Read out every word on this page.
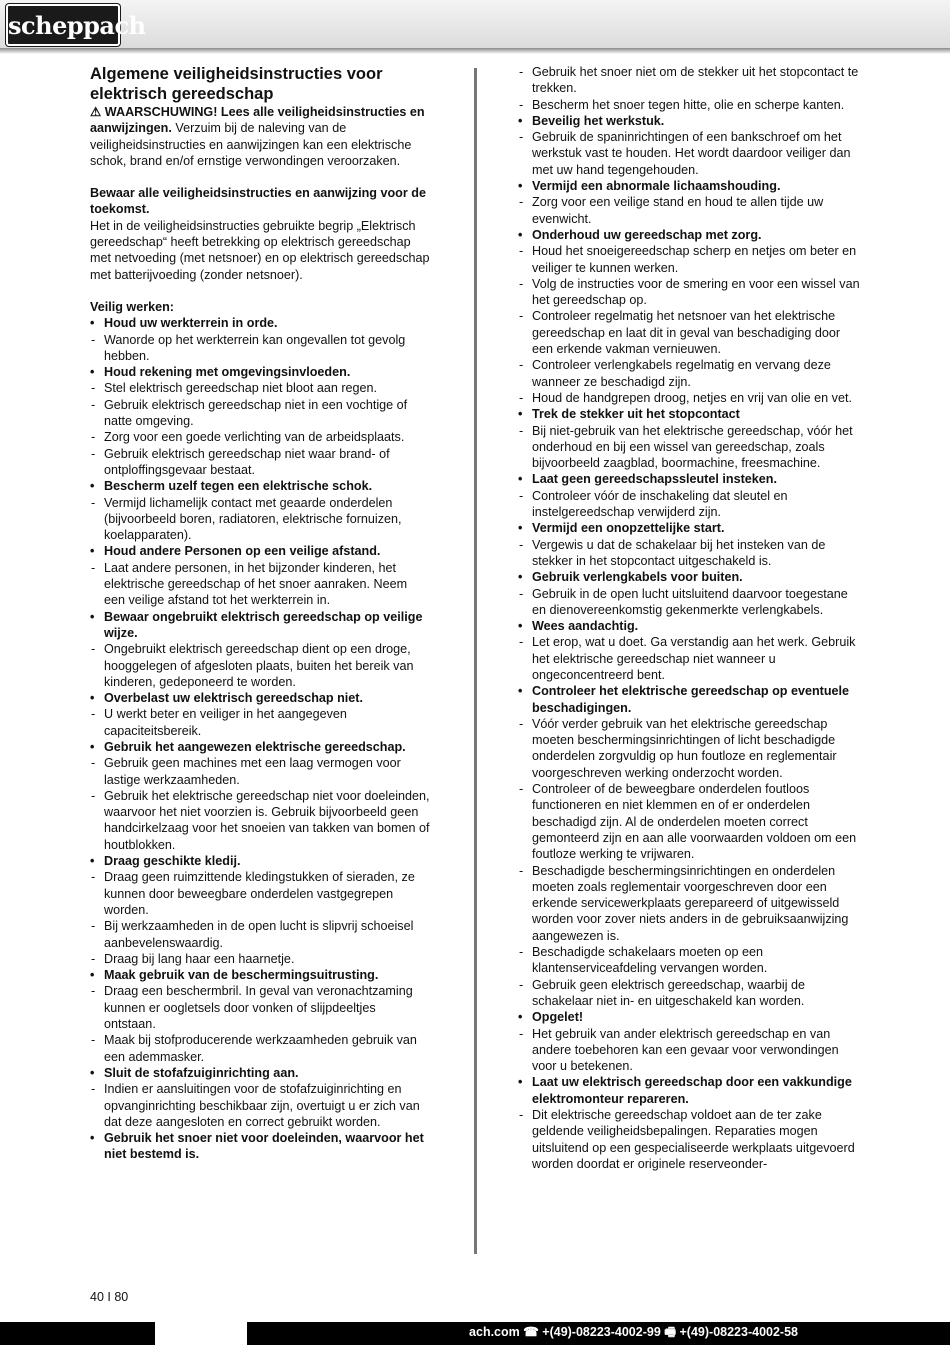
scheppach
Algemene veiligheidsinstructies voor elektrisch gereedschap

⚠ WAARSCHUWING! Lees alle veiligheidsinstructies en aanwijzingen. Verzuim bij de naleving van de veiligheidsinstructies en aanwijzingen kan een elektrische schok, brand en/of ernstige verwondingen veroorzaken.

Bewaar alle veiligheidsinstructies en aanwijzing voor de toekomst.

Het in de veiligheidsinstructies gebruikte begrip „Elektrisch gereedschap“ heeft betrekking op elektrisch gereedschap met netvoeding (met netsnoer) en op elektrisch gereedschap met batterijvoeding (zonder netsnoer).

Veilig werken:

• Houd uw werkterrein in orde.

- Wanorde op het werkterrein kan ongevallen tot gevolg hebben.

• Houd rekening met omgevingsinvloeden.

- Stel elektrisch gereedschap niet bloot aan regen.

- Gebruik elektrisch gereedschap niet in een vochtige of natte omgeving.

- Zorg voor een goede verlichting van de arbeidsplaats.

- Gebruik elektrisch gereedschap niet waar brand- of ontploffingsgevaar bestaat.

• Bescherm uzelf tegen een elektrische schok.

- Vermijd lichamelijk contact met geaarde onderdelen (bijvoorbeeld boren, radiatoren, elektrische fornuizen, koelapparaten).

• Houd andere Personen op een veilige afstand.

- Laat andere personen, in het bijzonder kinderen, het elektrische gereedschap of het snoer aanraken. Neem een veilige afstand tot het werkterrein in.

• Bewaar ongebruikt elektrisch gereedschap op veilige wijze.

- Ongebruikt elektrisch gereedschap dient op een droge, hooggelegen of afgesloten plaats, buiten het bereik van kinderen, gedeponeerd te worden.

• Overbelast uw elektrisch gereedschap niet.

- U werkt beter en veiliger in het aangegeven capaciteitsbereik.

• Gebruik het aangewezen elektrische gereedschap.

- Gebruik geen machines met een laag vermogen voor lastige werkzaamheden.

- Gebruik het elektrische gereedschap niet voor doeleinden, waarvoor het niet voorzien is. Gebruik bijvoorbeeld geen handcirkelzaag voor het snoeien van takken van bomen of houtblokken.

• Draag geschikte kledij.

- Draag geen ruimzittende kledingstukken of sieraden, ze kunnen door beweegbare onderdelen vastgegrepen worden.

- Bij werkzaamheden in de open lucht is slipvrij schoeisel aanbevelenswaardig.

- Draag bij lang haar een haarnetje.

• Maak gebruik van de beschermingsuitrusting.

- Draag een beschermbril. In geval van veronachtzaming kunnen er oogletsels door vonken of slijpdeeltjes ontstaan.

- Maak bij stofproducerende werkzaamheden gebruik van een ademmasker.

• Sluit de stofafzuiginrichting aan.

- Indien er aansluitingen voor de stofafzuiginrichting en opvanginrichting beschikbaar zijn, overtuigt u er zich van dat deze aangesloten en correct gebruikt worden.

• Gebruik het snoer niet voor doeleinden, waarvoor het niet bestemd is.

- Gebruik het snoer niet om de stekker uit het stopcontact te trekken.

- Bescherm het snoer tegen hitte, olie en scherpe kanten.

• Beveilig het werkstuk.

- Gebruik de spaninrichtingen of een bankschroef om het werkstuk vast te houden. Het wordt daardoor veiliger dan met uw hand tegengehouden.

• Vermijd een abnormale lichaamshouding.

- Zorg voor een veilige stand en houd te allen tijde uw evenwicht.

• Onderhoud uw gereedschap met zorg.

- Houd het snoeigereedschap scherp en netjes om beter en veiliger te kunnen werken.

- Volg de instructies voor de smering en voor een wissel van het gereedschap op.

- Controleer regelmatig het netsnoer van het elektrische gereedschap en laat dit in geval van beschadiging door een erkende vakman vernieuwen.

- Controleer verlengkabels regelmatig en vervang deze wanneer ze beschadigd zijn.

- Houd de handgrepen droog, netjes en vrij van olie en vet.

• Trek de stekker uit het stopcontact

- Bij niet-gebruik van het elektrische gereedschap, vóór het onderhoud en bij een wissel van gereedschap, zoals bijvoorbeeld zaagblad, boormachine, freesmachine.

• Laat geen gereedschapssleutel insteken.

- Controleer vóór de inschakeling dat sleutel en instelgereedschap verwijderd zijn.

• Vermijd een onopzettelijke start.

- Vergewis u dat de schakelaar bij het insteken van de stekker in het stopcontact uitgeschakeld is.

• Gebruik verlengkabels voor buiten.

- Gebruik in de open lucht uitsluitend daarvoor toegestane en dienovereenkomstig gekenmerkte verlengkabels.

• Wees aandachtig.

- Let erop, wat u doet. Ga verstandig aan het werk. Gebruik het elektrische gereedschap niet wanneer u ongeconcentreerd bent.

• Controleer het elektrische gereedschap op eventuele beschadigingen.

- Vóór verder gebruik van het elektrische gereedschap moeten beschermingsinrichtingen of licht beschadigde onderdelen zorgvuldig op hun foutloze en reglementair voorgeschreven werking onderzocht worden.

- Controleer of de beweegbare onderdelen foutloos functioneren en niet klemmen en of er onderdelen beschadigd zijn. Al de onderdelen moeten correct gemonteerd zijn en aan alle voorwaarden voldoen om een foutloze werking te vrijwaren.

- Beschadigde beschermingsinrichtingen en onderdelen moeten zoals reglementair voorgeschreven door een erkende servicewerkplaats gerepareerd of uitgewisseld worden voor zover niets anders in de gebruiksaanwijzing aangewezen is.

- Beschadigde schakelaars moeten op een klantenserviceafdeling vervangen worden.

- Gebruik geen elektrisch gereedschap, waarbij de schakelaar niet in- en uitgeschakeld kan worden.

• Opgelet!

- Het gebruik van ander elektrisch gereedschap en van andere toebehoren kan een gevaar voor verwondingen voor u betekenen.

• Laat uw elektrisch gereedschap door een vakkundige elektromonteur repareren.

- Dit elektrische gereedschap voldoet aan de ter zake geldende veiligheidsbepalingen. Reparaties mogen uitsluitend op een gespecialiseerde werkplaats uitgevoerd worden doordat er originele reserveonder-

40 I 80
ach.com ☎ +(49)-08223-4002-99 🖷 +(49)-08223-4002-58
